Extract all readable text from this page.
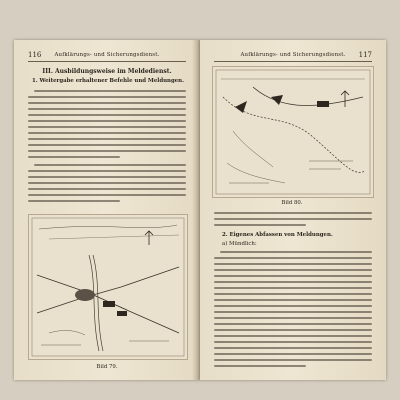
116	Aufklärungs- und Sicherungsdienst.
III. Ausbildungsweise im Meldedienst.
1. Weitergabe erhaltener Befehle und Meldungen.
Bild 79.
117
Aufklärungs- und Sicherungsdienst.
Bild 80.
2. Eigenes Abfassen von Meldungen.
a) Mündlich:
